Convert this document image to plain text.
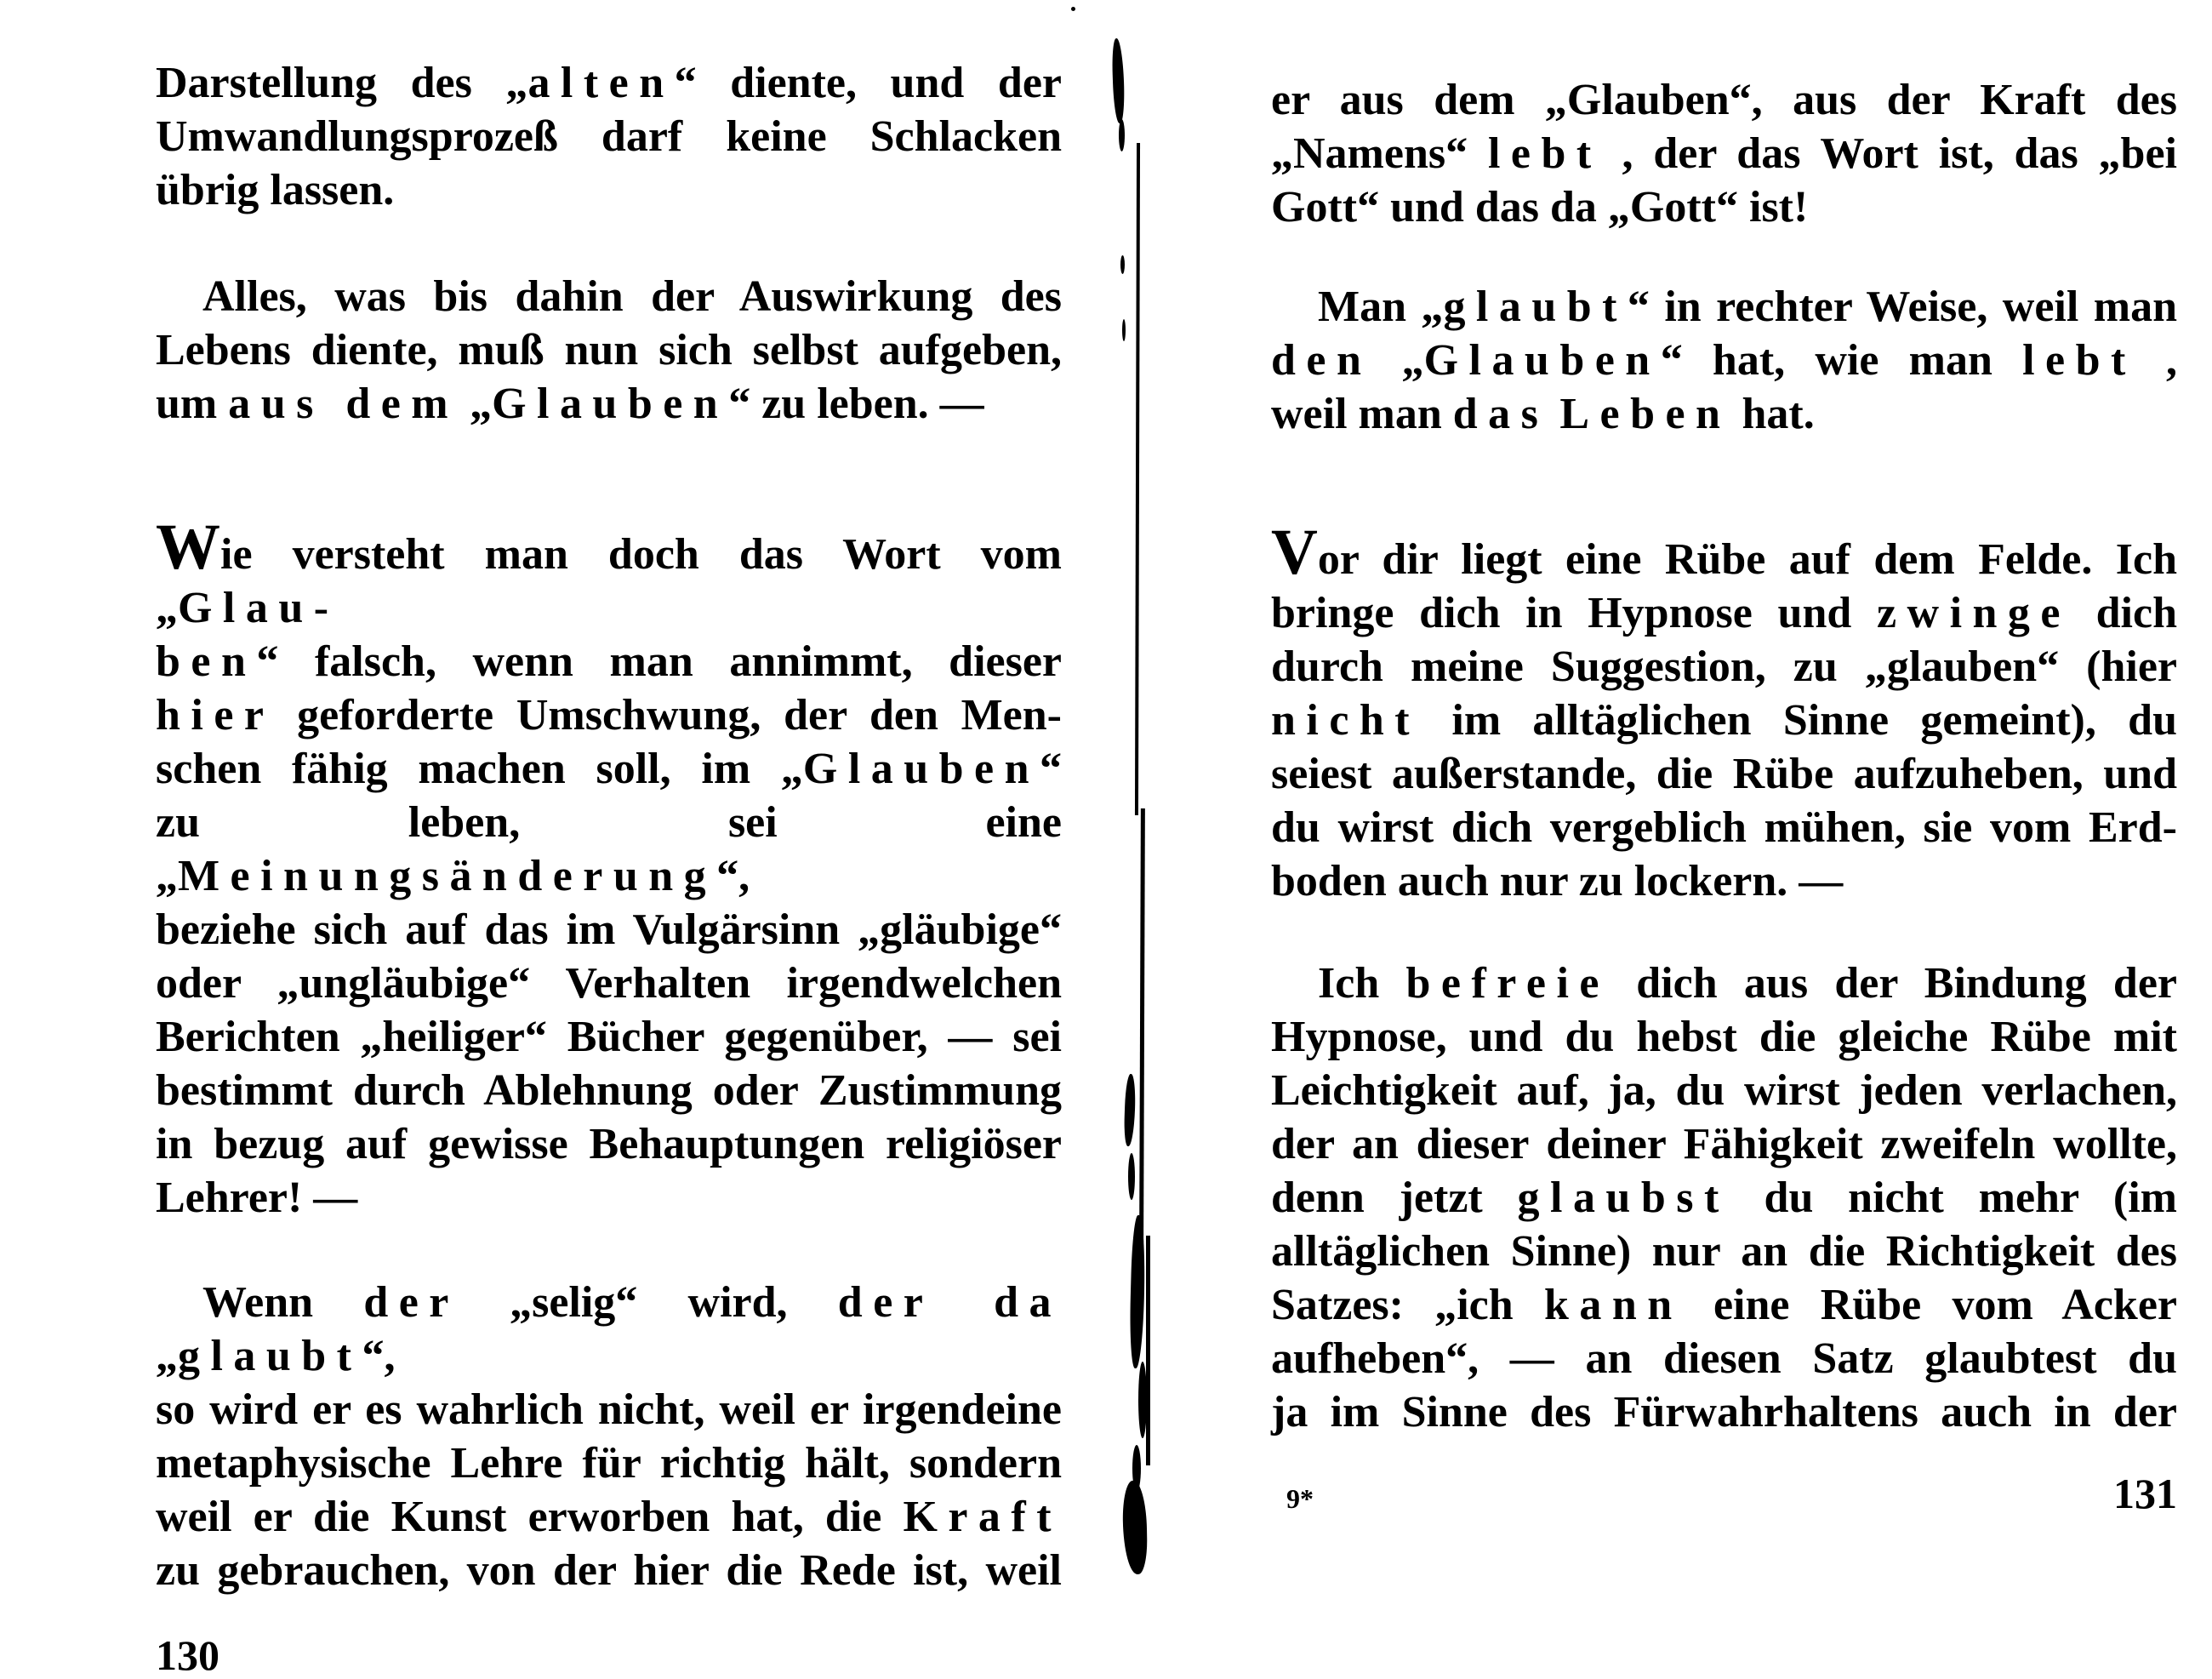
Darstellung des „alten“ diente, und der
Umwandlungsprozeß darf keine Schlacken
übrig lassen.
Alles, was bis dahin der Auswirkung des
Lebens diente, muß nun sich selbst aufgeben,
um aus dem „Glauben“ zu leben. —
Wie versteht man doch das Wort vom „Glau-
ben“ falsch, wenn man annimmt, dieser
hier geforderte Umschwung, der den Men-
schen fähig machen soll, im „Glauben“
zu leben, sei eine „Meinungsänderung“,
beziehe sich auf das im Vulgärsinn „gläubige“
oder „ungläubige“ Verhalten irgendwelchen
Berichten „heiliger“ Bücher gegenüber, — sei
bestimmt durch Ablehnung oder Zustimmung
in bezug auf gewisse Behauptungen religiöser
Lehrer! —
Wenn der „selig“ wird, der da „glaubt“,
so wird er es wahrlich nicht, weil er irgendeine
metaphysische Lehre für richtig hält, sondern
weil er die Kunst erworben hat, die Kraft
zu gebrauchen, von der hier die Rede ist, weil
130
er aus dem „Glauben“, aus der Kraft des
„Namens“ lebt , der das Wort ist, das „bei
Gott“ und das da „Gott“ ist!
Man „glaubt“ in rechter Weise, weil man
den „Glauben“ hat, wie man lebt ,
weil man das Leben hat.
Vor dir liegt eine Rübe auf dem Felde. Ich
bringe dich in Hypnose und zwinge dich
durch meine Suggestion, zu „glauben“ (hier
nicht im alltäglichen Sinne gemeint), du
seiest außerstande, die Rübe aufzuheben, und
du wirst dich vergeblich mühen, sie vom Erd-
boden auch nur zu lockern. —
Ich befreie dich aus der Bindung der
Hypnose, und du hebst die gleiche Rübe mit
Leichtigkeit auf, ja, du wirst jeden verlachen,
der an dieser deiner Fähigkeit zweifeln wollte,
denn jetzt glaubst du nicht mehr (im
alltäglichen Sinne) nur an die Richtigkeit des
Satzes: „ich kann eine Rübe vom Acker
aufheben“, — an diesen Satz glaubtest du
ja im Sinne des Fürwahrhaltens auch in der
9*	131
